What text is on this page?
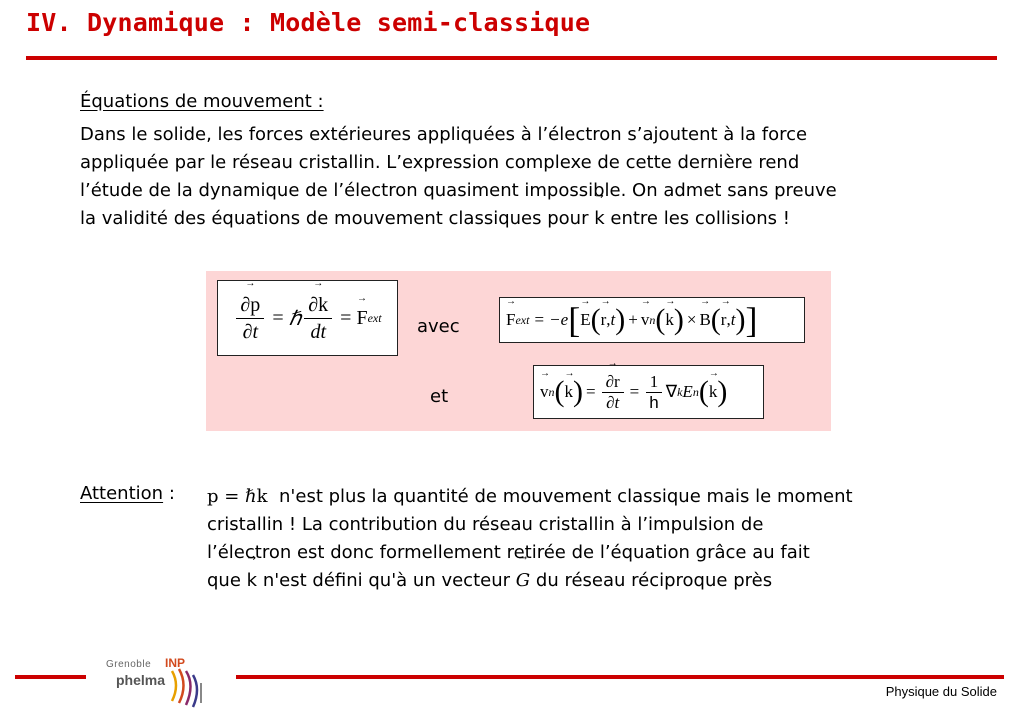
IV. Dynamique : Modèle semi-classique
Équations de mouvement :
Dans le solide, les forces extérieures appliquées à l’électron s’ajoutent à la force
appliquée par le réseau cristallin. L’expression complexe de cette dernière rend
l’étude de la dynamique de l’électron quasiment impossible. On admet sans preuve
la validité des équations de mouvement classiques pour → k entre les collisions !
→ $\frac{\partial p}{\partial t}$ = ℏ → $\frac{\partial k}{dt}$ = → F ext avec	→ F ext = − e [ → E ( → r , t ) + → v n ( → k ) × → B ( → r , t ) ]
et	→ v n ( → k ) = → $\frac{\partial r}{\partial t} = \frac{1}{h}$ ∇ k E n ( → k )
Attention : p = ℏk n'est plus la quantité de mouvement classique mais le moment
cristallin ! La contribution du réseau cristallin à l’impulsion de
l’électron est donc formellement retirée de l’équation grâce au fait
que → k n'est défini qu'à un vecteur → G du réseau réciproque près
Grenoble INP
phelma
Physique du Solide
